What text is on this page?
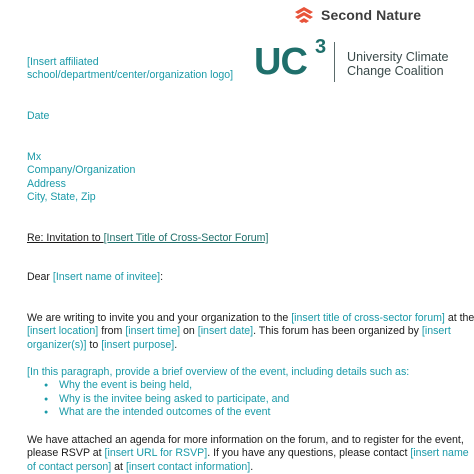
Second Nature
UC 3 University Climate
Change Coalition
[Insert affiliated
school/department/center/organization logo]
Date
Mx
Company/Organization
Address
City, State, Zip
Re: Invitation to [Insert Title of Cross-Sector Forum]
Dear [Insert name of invitee]:
We are writing to invite you and your organization to the [insert title of cross-sector forum] at the
[insert location] from [insert time] on [insert date]. This forum has been organized by [insert
organizer(s)] to [insert purpose].
[In this paragraph, provide a brief overview of the event, including details such as:
● Why the event is being held,
● Why is the invitee being asked to participate, and
● What are the intended outcomes of the event
We have attached an agenda for more information on the forum, and to register for the event,
please RSVP at [insert URL for RSVP]. If you have any questions, please contact [insert name
of contact person] at [insert contact information].
